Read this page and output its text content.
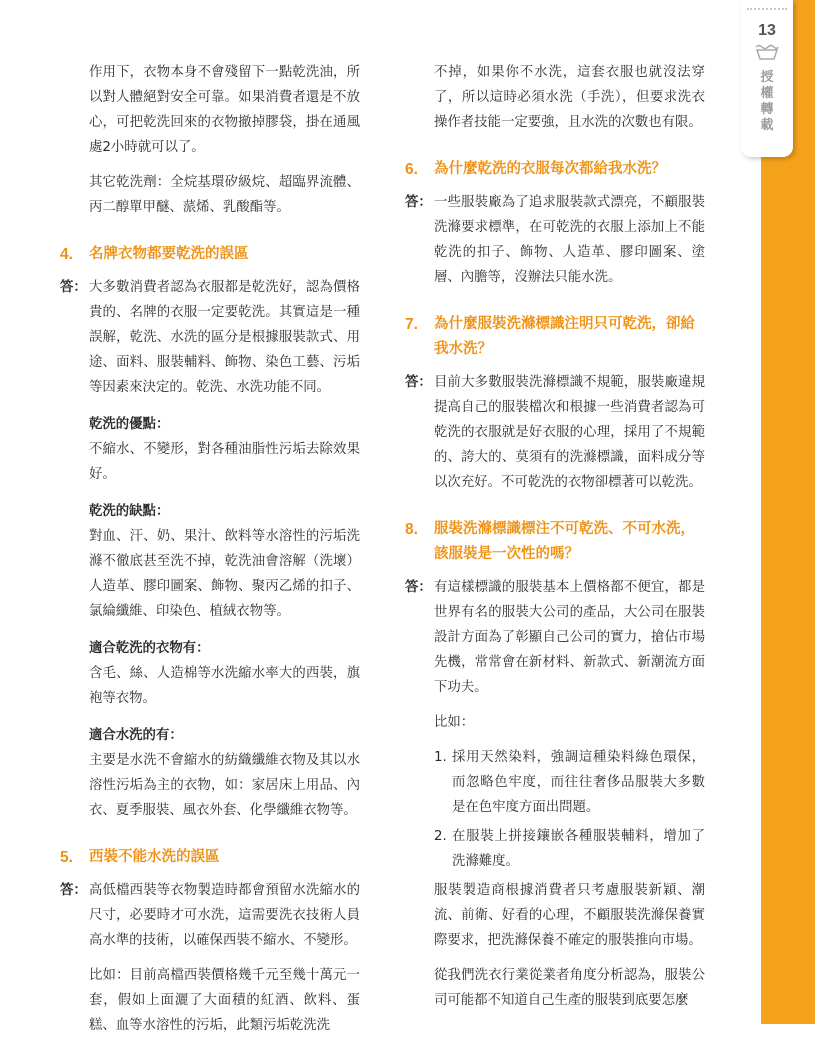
13
授
權
轉
載

作用下，衣物本身不會殘留下一點乾洗油，所以對人體絕對安全可靠。如果消費者還是不放心，可把乾洗回來的衣物撤掉膠袋，掛在通風處2小時就可以了。

其它乾洗劑：全烷基環矽級烷、超臨界流體、丙二醇單甲醚、蒎烯、乳酸酯等。

4.	名牌衣物都要乾洗的誤區
答： 大多數消費者認為衣服都是乾洗好，認為價格貴的、名牌的衣服一定要乾洗。其實這是一種誤解，乾洗、水洗的區分是根據服裝款式、用途、面料、服裝輔料、飾物、染色工藝、污垢等因素來決定的。乾洗、水洗功能不同。
乾洗的優點：
不縮水、不變形，對各種油脂性污垢去除效果好。
乾洗的缺點：
對血、汗、奶、果汁、飲料等水溶性的污垢洗滌不徹底甚至洗不掉，乾洗油會溶解（洗壞）人造革、膠印圖案、飾物、聚丙乙烯的扣子、氯綸纖維、印染色、植絨衣物等。
適合乾洗的衣物有：
含毛、絲、人造棉等水洗縮水率大的西裝，旗袍等衣物。
適合水洗的有：
主要是水洗不會縮水的紡織纖維衣物及其以水溶性污垢為主的衣物，如：家居床上用品、內衣、夏季服裝、風衣外套、化學纖維衣物等。
5.	西裝不能水洗的誤區
答： 高低檔西裝等衣物製造時都會預留水洗縮水的尺寸，必要時才可水洗，這需要洗衣技術人員高水準的技術，以確保西裝不縮水、不變形。

比如：目前高檔西裝價格幾千元至幾十萬元一套，假如上面灑了大面積的紅酒、飲料、蛋糕、血等水溶性的污垢，此類污垢乾洗洗

不掉，如果你不水洗，這套衣服也就沒法穿了，所以這時必須水洗（手洗），但要求洗衣操作者技能一定要強，且水洗的次數也有限。

6.	為什麼乾洗的衣服每次都給我水洗？
答： 一些服裝廠為了追求服裝款式漂亮，不顧服裝洗滌要求標準，在可乾洗的衣服上添加上不能乾洗的扣子、飾物、人造革、膠印圖案、塗層、內膽等，沒辦法只能水洗。
7.	為什麼服裝洗滌標識注明只可乾洗，卻給我水洗？
答： 目前大多數服裝洗滌標識不規範，服裝廠違規提高自己的服裝檔次和根據一些消費者認為可乾洗的衣服就是好衣服的心理，採用了不規範的、誇大的、莫須有的洗滌標識，面料成分等以次充好。不可乾洗的衣物卻標著可以乾洗。
8.	服裝洗滌標識標注不可乾洗、不可水洗，該服裝是一次性的嗎？
答： 有這樣標識的服裝基本上價格都不便宜，都是世界有名的服裝大公司的產品，大公司在服裝設計方面為了彰顯自己公司的實力，搶佔市場先機，常常會在新材料、新款式、新潮流方面下功夫。

比如：

1. 採用天然染料，強調這種染料綠色環保，而忽略色牢度，而往往奢侈品服裝大多數是在色牢度方面出問題。
2. 在服裝上拼接鑲嵌各種服裝輔料，增加了洗滌難度。

服裝製造商根據消費者只考慮服裝新穎、潮流、前衛、好看的心理，不顧服裝洗滌保養實際要求，把洗滌保養不確定的服裝推向市場。

從我們洗衣行業從業者角度分析認為，服裝公司可能都不知道自己生產的服裝到底要怎麼
